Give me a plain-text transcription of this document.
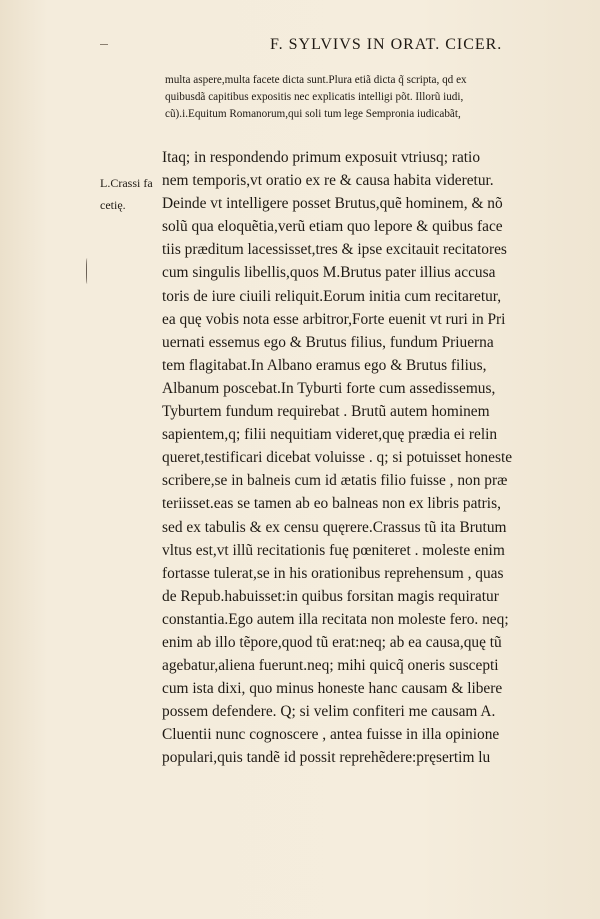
F. SYLVIVS IN ORAT. CICER.
multa aspere,multa facete dicta sunt.Plura etiã dicta q̃ scripta, qd ex
quibusdã capitibus expositis nec explicatis intelligi põt. Illorũ iudi,
cũ).i.Equitum Romanorum,qui soli tum lege Sempronia iudicabãt,
L.Crassi fa
cetię.
Itaq; in respondendo primum exposuit vtriusq; ratio
nem temporis,vt oratio ex re & causa habita videretur.
Deinde vt intelligere posset Brutus,quẽ hominem, & nõ
solũ qua eloquẽtia,verũ etiam quo lepore & quibus face
tiis præditum lacessisset,tres & ipse excitauit recitatores
cum singulis libellis,quos M.Brutus pater illius accusa
toris de iure ciuili reliquit.Eorum initia cum recitaretur,
ea quę vobis notа esse arbitror,Forte euenit vt ruri in Pri
uernati essemus ego & Brutus filius, fundum Priuerna
tem flagitabat.In Albano eramus ego & Brutus filius,
Albanum poscebat.In Tyburti forte cum assedissemus,
Tyburtem fundum requirebat . Brutũ autem hominem
sapientem,q; filii nequitiam videret,quę prædia ei relin
queret,testificari dicebat voluisse . q; si potuisset honeste
scribere,se in balneis cum id ætatis filio fuisse , non præ
teriisset.eas se tamen ab eo balneas non ex libris patris,
sed ex tabulis & ex censu quęrere.Crassus tũ ita Brutum
vltus est,vt illũ recitationis fuę pœniteret . moleste enim
fortasse tulerat,se in his orationibus reprehensum , quas
de Repub.habuisset:in quibus forsitan magis requiratur
constantia.Ego autem illa recitata non moleste fero. neq;
enim ab illo tẽpore,quod tũ erat:neq; ab ea causa,quę tũ
agebatur,aliena fuerunt.neq; mihi quicq̃ oneris suscepti
cum ista dixi, quo minus honeste hanc causam & libere
possem defendere. Q; si velim confiteri me causam A.
Cluentii nunc cognoscere , antea fuisse in illa opinione
populari,quis tandẽ id possit reprehẽdere:pręsertim lu
